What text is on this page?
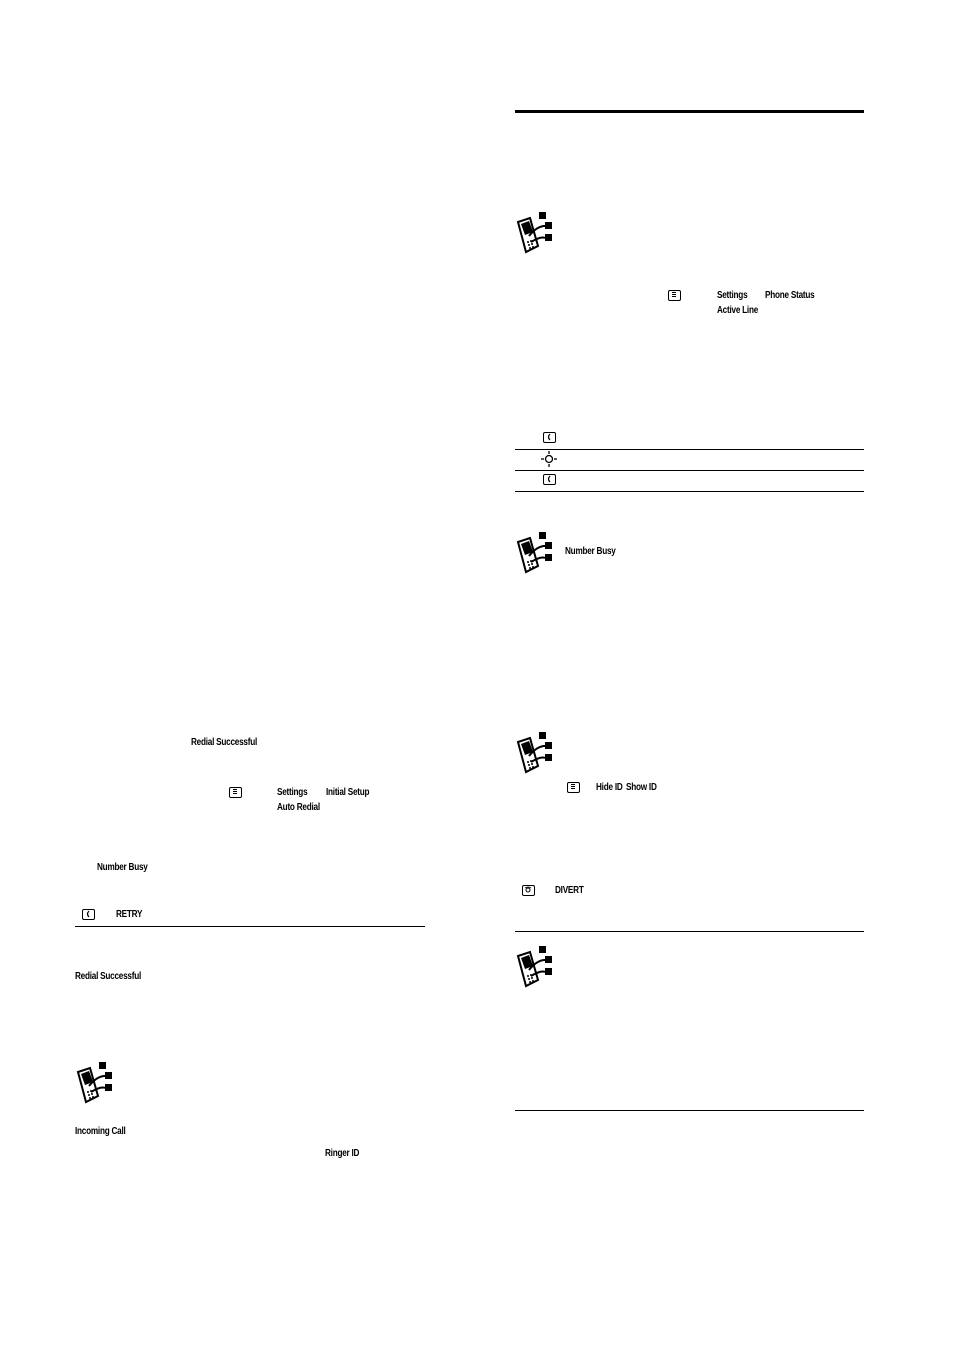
Settings Phone Status
Active Line
Number Busy
Hide ID Show ID
DIVERT
Redial Successful
Settings Initial Setup
Auto Redial
Number Busy
RETRY
Redial Successful
Incoming Call
Ringer ID
